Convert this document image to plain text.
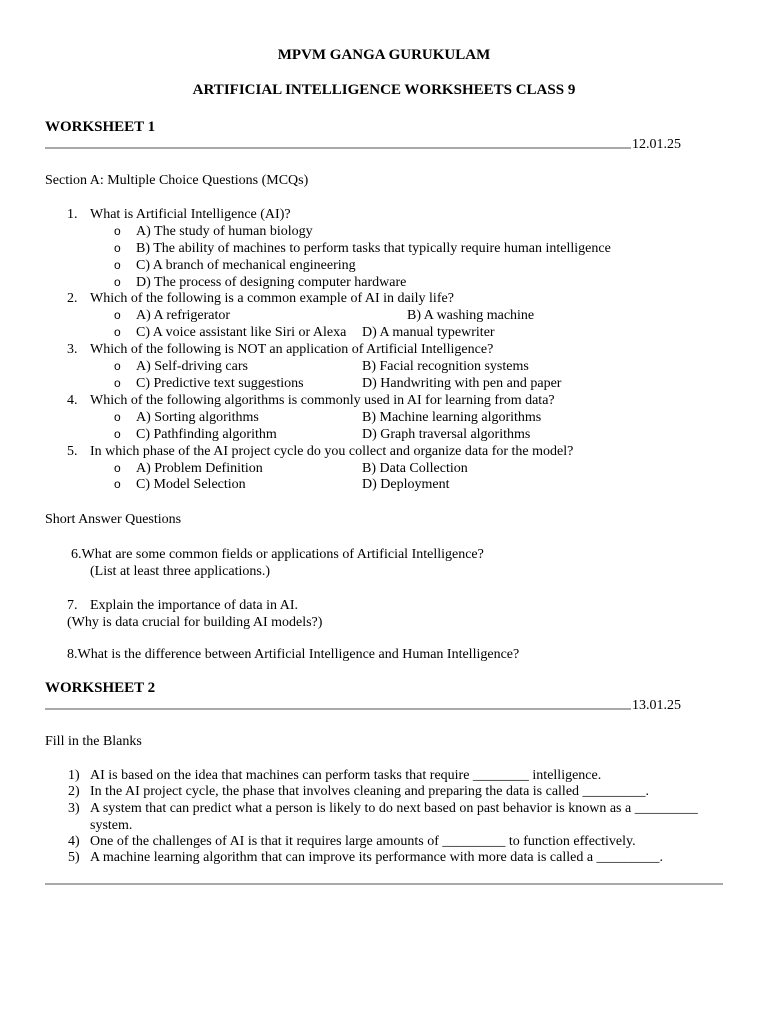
MPVM GANGA GURUKULAM
ARTIFICIAL INTELLIGENCE WORKSHEETS CLASS 9
WORKSHEET 1
12.01.25
Section A: Multiple Choice Questions (MCQs)
1. What is Artificial Intelligence (AI)?
o A) The study of human biology
o B) The ability of machines to perform tasks that typically require human intelligence
o C) A branch of mechanical engineering
o D) The process of designing computer hardware
2. Which of the following is a common example of AI in daily life?
o A) A refrigerator	B) A washing machine
o C) A voice assistant like Siri or Alexa D) A manual typewriter
3. Which of the following is NOT an application of Artificial Intelligence?
o A) Self-driving cars	B) Facial recognition systems
o C) Predictive text suggestions	D) Handwriting with pen and paper
4. Which of the following algorithms is commonly used in AI for learning from data?
o A) Sorting algorithms	B) Machine learning algorithms
o C) Pathfinding algorithm	D) Graph traversal algorithms
5. In which phase of the AI project cycle do you collect and organize data for the model?
o A) Problem Definition	B) Data Collection
o C) Model Selection	D) Deployment
Short Answer Questions
6.What are some common fields or applications of Artificial Intelligence?
(List at least three applications.)
7. Explain the importance of data in AI.
(Why is data crucial for building AI models?)
8.What is the difference between Artificial Intelligence and Human Intelligence?
WORKSHEET 2
13.01.25
Fill in the Blanks
1) AI is based on the idea that machines can perform tasks that require ________ intelligence.
2) In the AI project cycle, the phase that involves cleaning and preparing the data is called _________.
3) A system that can predict what a person is likely to do next based on past behavior is known as a _________
system.
4) One of the challenges of AI is that it requires large amounts of _________ to function effectively.
5) A machine learning algorithm that can improve its performance with more data is called a _________.
